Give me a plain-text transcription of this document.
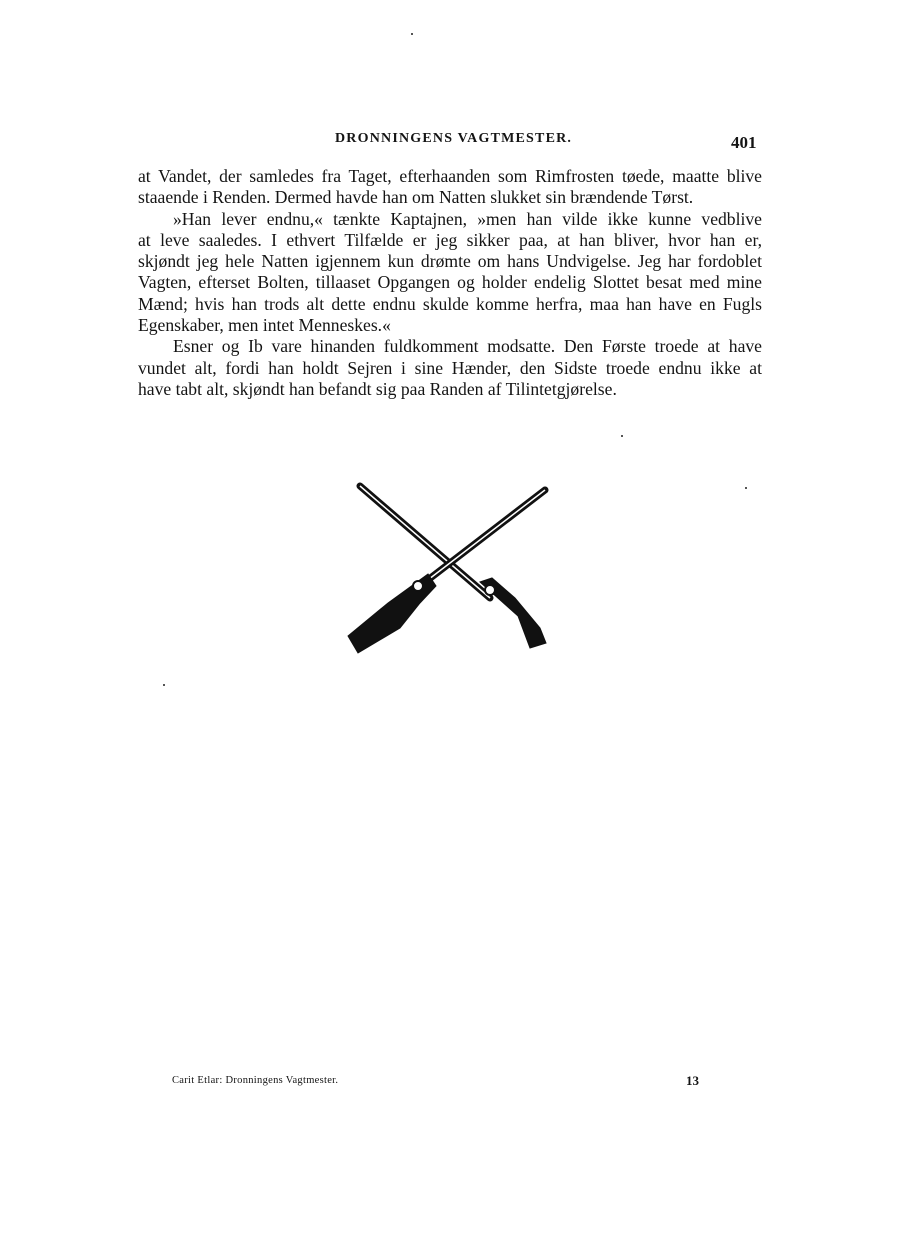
DRONNINGENS VAGTMESTER.	401
at Vandet, der samledes fra Taget, efterhaanden som Rimfrosten tøede, maatte blive
staaende i Renden. Dermed havde han om Natten slukket sin brændende Tørst.
»Han lever endnu,« tænkte Kaptajnen, »men han vilde ikke kunne vedblive
at leve saaledes. I ethvert Tilfælde er jeg sikker paa, at han bliver, hvor han er,
skjøndt jeg hele Natten igjennem kun drømte om hans Undvigelse. Jeg har fordoblet
Vagten, efterset Bolten, tillaaset Opgangen og holder endelig Slottet besat med mine
Mænd; hvis han trods alt dette endnu skulde komme herfra, maa han have en Fugls
Egenskaber, men intet Menneskes.«
Esner og Ib vare hinanden fuldkomment modsatte. Den Første troede at have
vundet alt, fordi han holdt Sejren i sine Hænder, den Sidste troede endnu ikke at
have tabt alt, skjøndt han befandt sig paa Randen af Tilintetgjørelse.
Carit Etlar: Dronningens Vagtmester.	13
